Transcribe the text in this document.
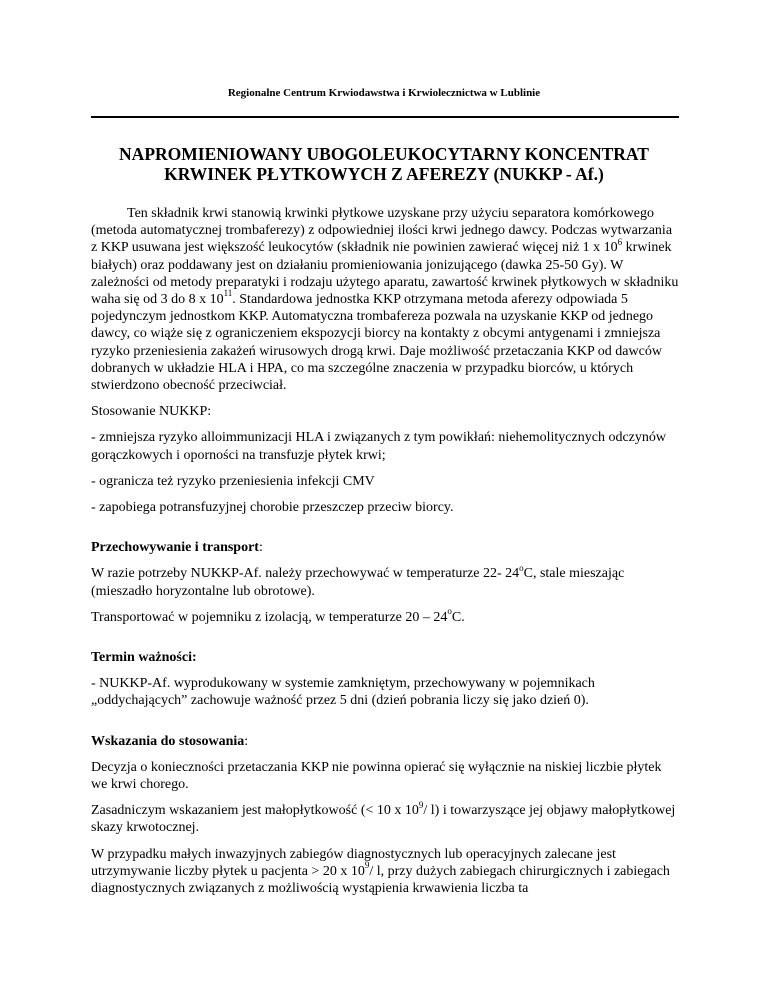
Regionalne Centrum Krwiodawstwa i Krwiolecznictwa w Lublinie
NAPROMIENIOWANY UBOGOLEUKOCYTARNY KONCENTRAT
KRWINEK PŁYTKOWYCH Z AFEREZY (NUKKP - Af.)

Ten składnik krwi stanowią krwinki płytkowe uzyskane przy użyciu separatora komórkowego (metoda automatycznej trombaferezy) z odpowiedniej ilości krwi jednego dawcy. Podczas wytwarzania z KKP usuwana jest większość leukocytów (składnik nie powinien zawierać więcej niż 1 x $10^6$ krwinek białych) oraz poddawany jest on działaniu promieniowania jonizującego (dawka 25-50 Gy). W zależności od metody preparatyki i rodzaju użytego aparatu, zawartość krwinek płytkowych w składniku waha się od 3 do 8 x $10^{11}$. Standardowa jednostka KKP otrzymana metoda aferezy odpowiada 5 pojedynczym jednostkom KKP. Automatyczna trombafereza pozwala na uzyskanie KKP od jednego dawcy, co wiąże się z ograniczeniem ekspozycji biorcy na kontakty z obcymi antygenami i zmniejsza ryzyko przeniesienia zakażeń wirusowych drogą krwi. Daje możliwość przetaczania KKP od dawców dobranych w układzie HLA i HPA, co ma szczególne znaczenia w przypadku biorców, u których stwierdzono obecność przeciwciał.

Stosowanie NUKKP:

- zmniejsza ryzyko alloimmunizacji HLA i związanych z tym powikłań: niehemolitycznych odczynów gorączkowych i oporności na transfuzje płytek krwi;

- ogranicza też ryzyko przeniesienia infekcji CMV

- zapobiega potransfuzyjnej chorobie przeszczep przeciw biorcy.

Przechowywanie i transport:

W razie potrzeby NUKKP-Af. należy przechowywać w temperaturze 22- 24$^o$C, stale mieszając (mieszadło horyzontalne lub obrotowe).

Transportować w pojemniku z izolacją, w temperaturze 20 – 24$^o$C.

Termin ważności:

- NUKKP-Af. wyprodukowany w systemie zamkniętym, przechowywany w pojemnikach „oddychających” zachowuje ważność przez 5 dni (dzień pobrania liczy się jako dzień 0).

Wskazania do stosowania:

Decyzja o konieczności przetaczania KKP nie powinna opierać się wyłącznie na niskiej liczbie płytek we krwi chorego.

Zasadniczym wskazaniem jest małopłytkowość (< 10 x $10^9/$ l) i towarzyszące jej objawy małopłytkowej skazy krwotocznej.

W przypadku małych inwazyjnych zabiegów diagnostycznych lub operacyjnych zalecane jest utrzymywanie liczby płytek u pacjenta > 20 x $10^9/$ l, przy dużych zabiegach chirurgicznych i zabiegach diagnostycznych związanych z możliwością wystąpienia krwawienia liczba ta
